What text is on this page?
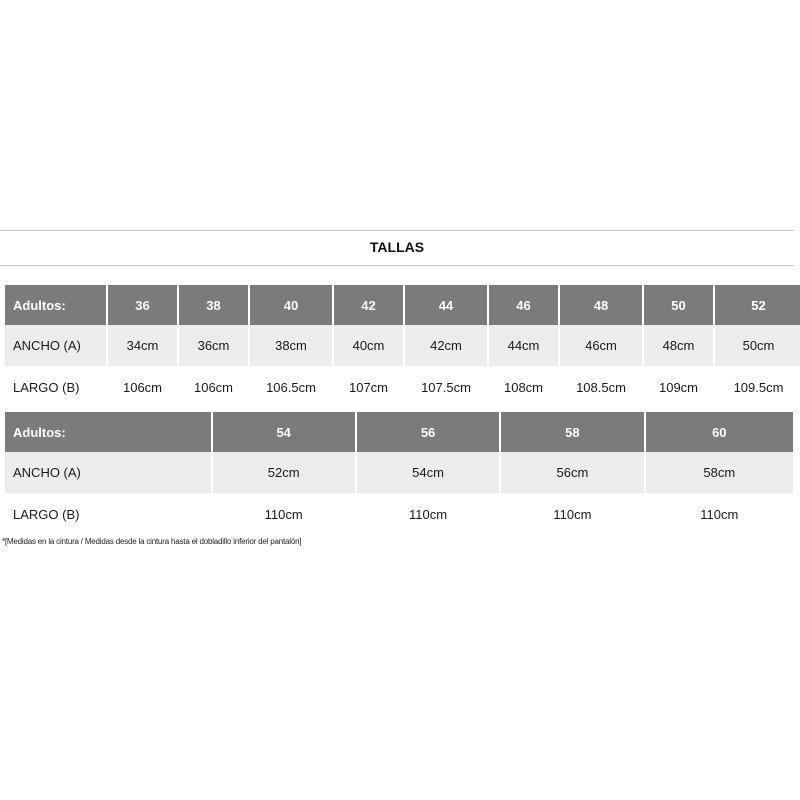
TALLAS
Adultos:	36	38	40	42	44	46	48	50	52
ANCHO (A)	34cm	36cm	38cm	40cm	42cm	44cm	46cm	48cm	50cm
LARGO (B)	106cm	106cm	106.5cm	107cm	107.5cm	108cm	108.5cm	109cm	109.5cm
Adultos:	54	56	58	60
ANCHO (A)	52cm	54cm	56cm	58cm
LARGO (B)	110cm	110cm	110cm	110cm
*[Medidas en la cintura / Medidas desde la cintura hasta el dobladillo inferior del pantalón]
